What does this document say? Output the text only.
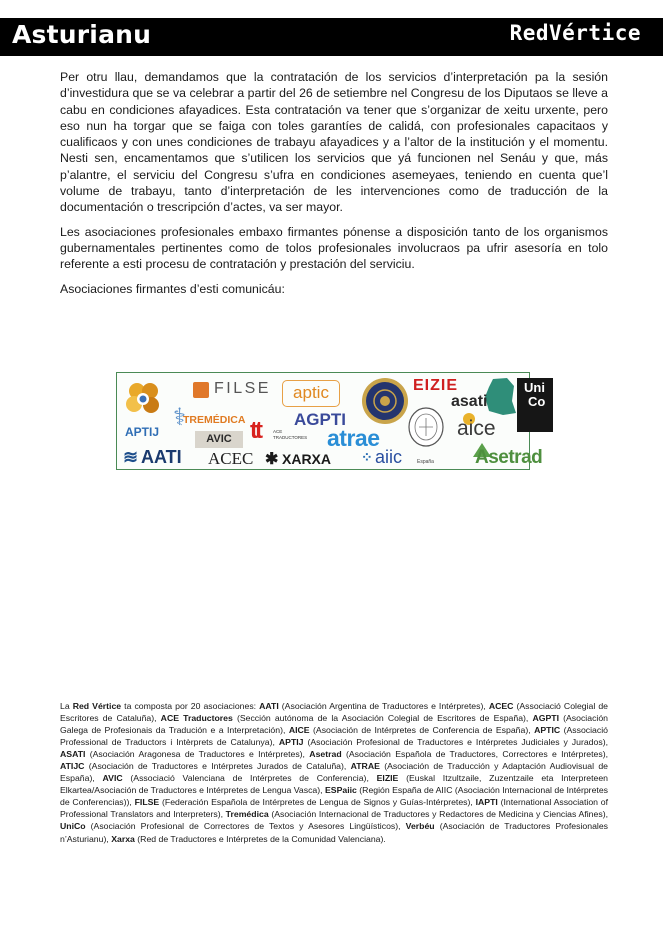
Asturianu	RedVértice

Per otru llau, demandamos que la contratación de los servicios d’interpretación pa la sesión d’investidura que se va celebrar a partir del 26 de setiembre nel Congresu de los Diputaos se lleve a cabu en condiciones afayadices. Esta contratación va tener que s’organizar de xeitu urxente, pero eso nun ha torgar que se faiga con toles garantíes de calidá, con profesionales capacitaos y cualificaos y con unes condiciones de trabayu afayadices y a l’altor de la institución y el momentu. Nesti sen, encamentamos que s’utilicen los servicios que yá funcionen nel Senáu y que, más p’alantre, el serviciu del Congresu s’ufra en condiciones asemeyaes, teniendo en cuenta que’l volume de trabayu, tanto d’interpretación de les intervenciones como de traducción de la documentación o trescripción d’actes, va ser mayor.

Les asociaciones profesionales embaxo firmantes pónense a disposición tanto de los organismos gubernamentales pertinentes como de tolos profesionales involucraos pa ufrir asesoría en tolo referente a esti procesu de contratación y prestación del serviciu.

Asociaciones firmantes d’esti comunicáu:

APTIJ
FILSE
⚕
TREMÉDICA
aptic
AGPTI
AVIC tt	ACE TRADUCTORES atrae
EIZIE
asati
Uni
Co
aice
≋ AATI ACEC ✱ XARXA ⁘ aiic	España Asetrad
La Red Vértice ta composta por 20 asociaciones: AATI (Asociación Argentina de Traductores e Intérpretes), ACEC (Associació Colegial de Escritores de Cataluña), ACE Traductores (Sección autónoma de la Asociación Colegial de Escritores de España), AGPTI (Asociación Galega de Profesionais da Tradución e a Interpretación), AICE (Asociación de Intérpretes de Conferencia de España), APTIC (Associació Professional de Traductors i Intèrprets de Catalunya), APTIJ (Asociación Profesional de Traductores e Intérpretes Judiciales y Jurados), ASATI (Asociación Aragonesa de Traductores e Intérpretes), Asetrad (Asociación Española de Traductores, Correctores e Intérpretes), ATIJC (Asociación de Traductores e Intérpretes Jurados de Cataluña), ATRAE (Asociación de Traducción y Adaptación Audiovisual de España), AVIC (Associació Valenciana de Intérpretes de Conferencia), EIZIE (Euskal Itzultzaile, Zuzentzaile eta Interpreteen Elkartea/Asociación de Traductores e Intérpretes de Lengua Vasca), ESPaiic (Región España de AIIC (Asociación Internacional de Intérpretes de Conferencias)), FILSE (Federación Española de Intérpretes de Lengua de Signos y Guías-Intérpretes), IAPTI (International Association of Professional Translators and Interpreters), Tremédica (Asociación Internacional de Traductores y Redactores de Medicina y Ciencias Afines), UniCo (Asociación Profesional de Correctores de Textos y Asesores Lingüísticos), Verbéu (Asociación de Traductores Profesionales n’Asturianu), Xarxa (Red de Traductores e Intérpretes de la Comunidad Valenciana).
